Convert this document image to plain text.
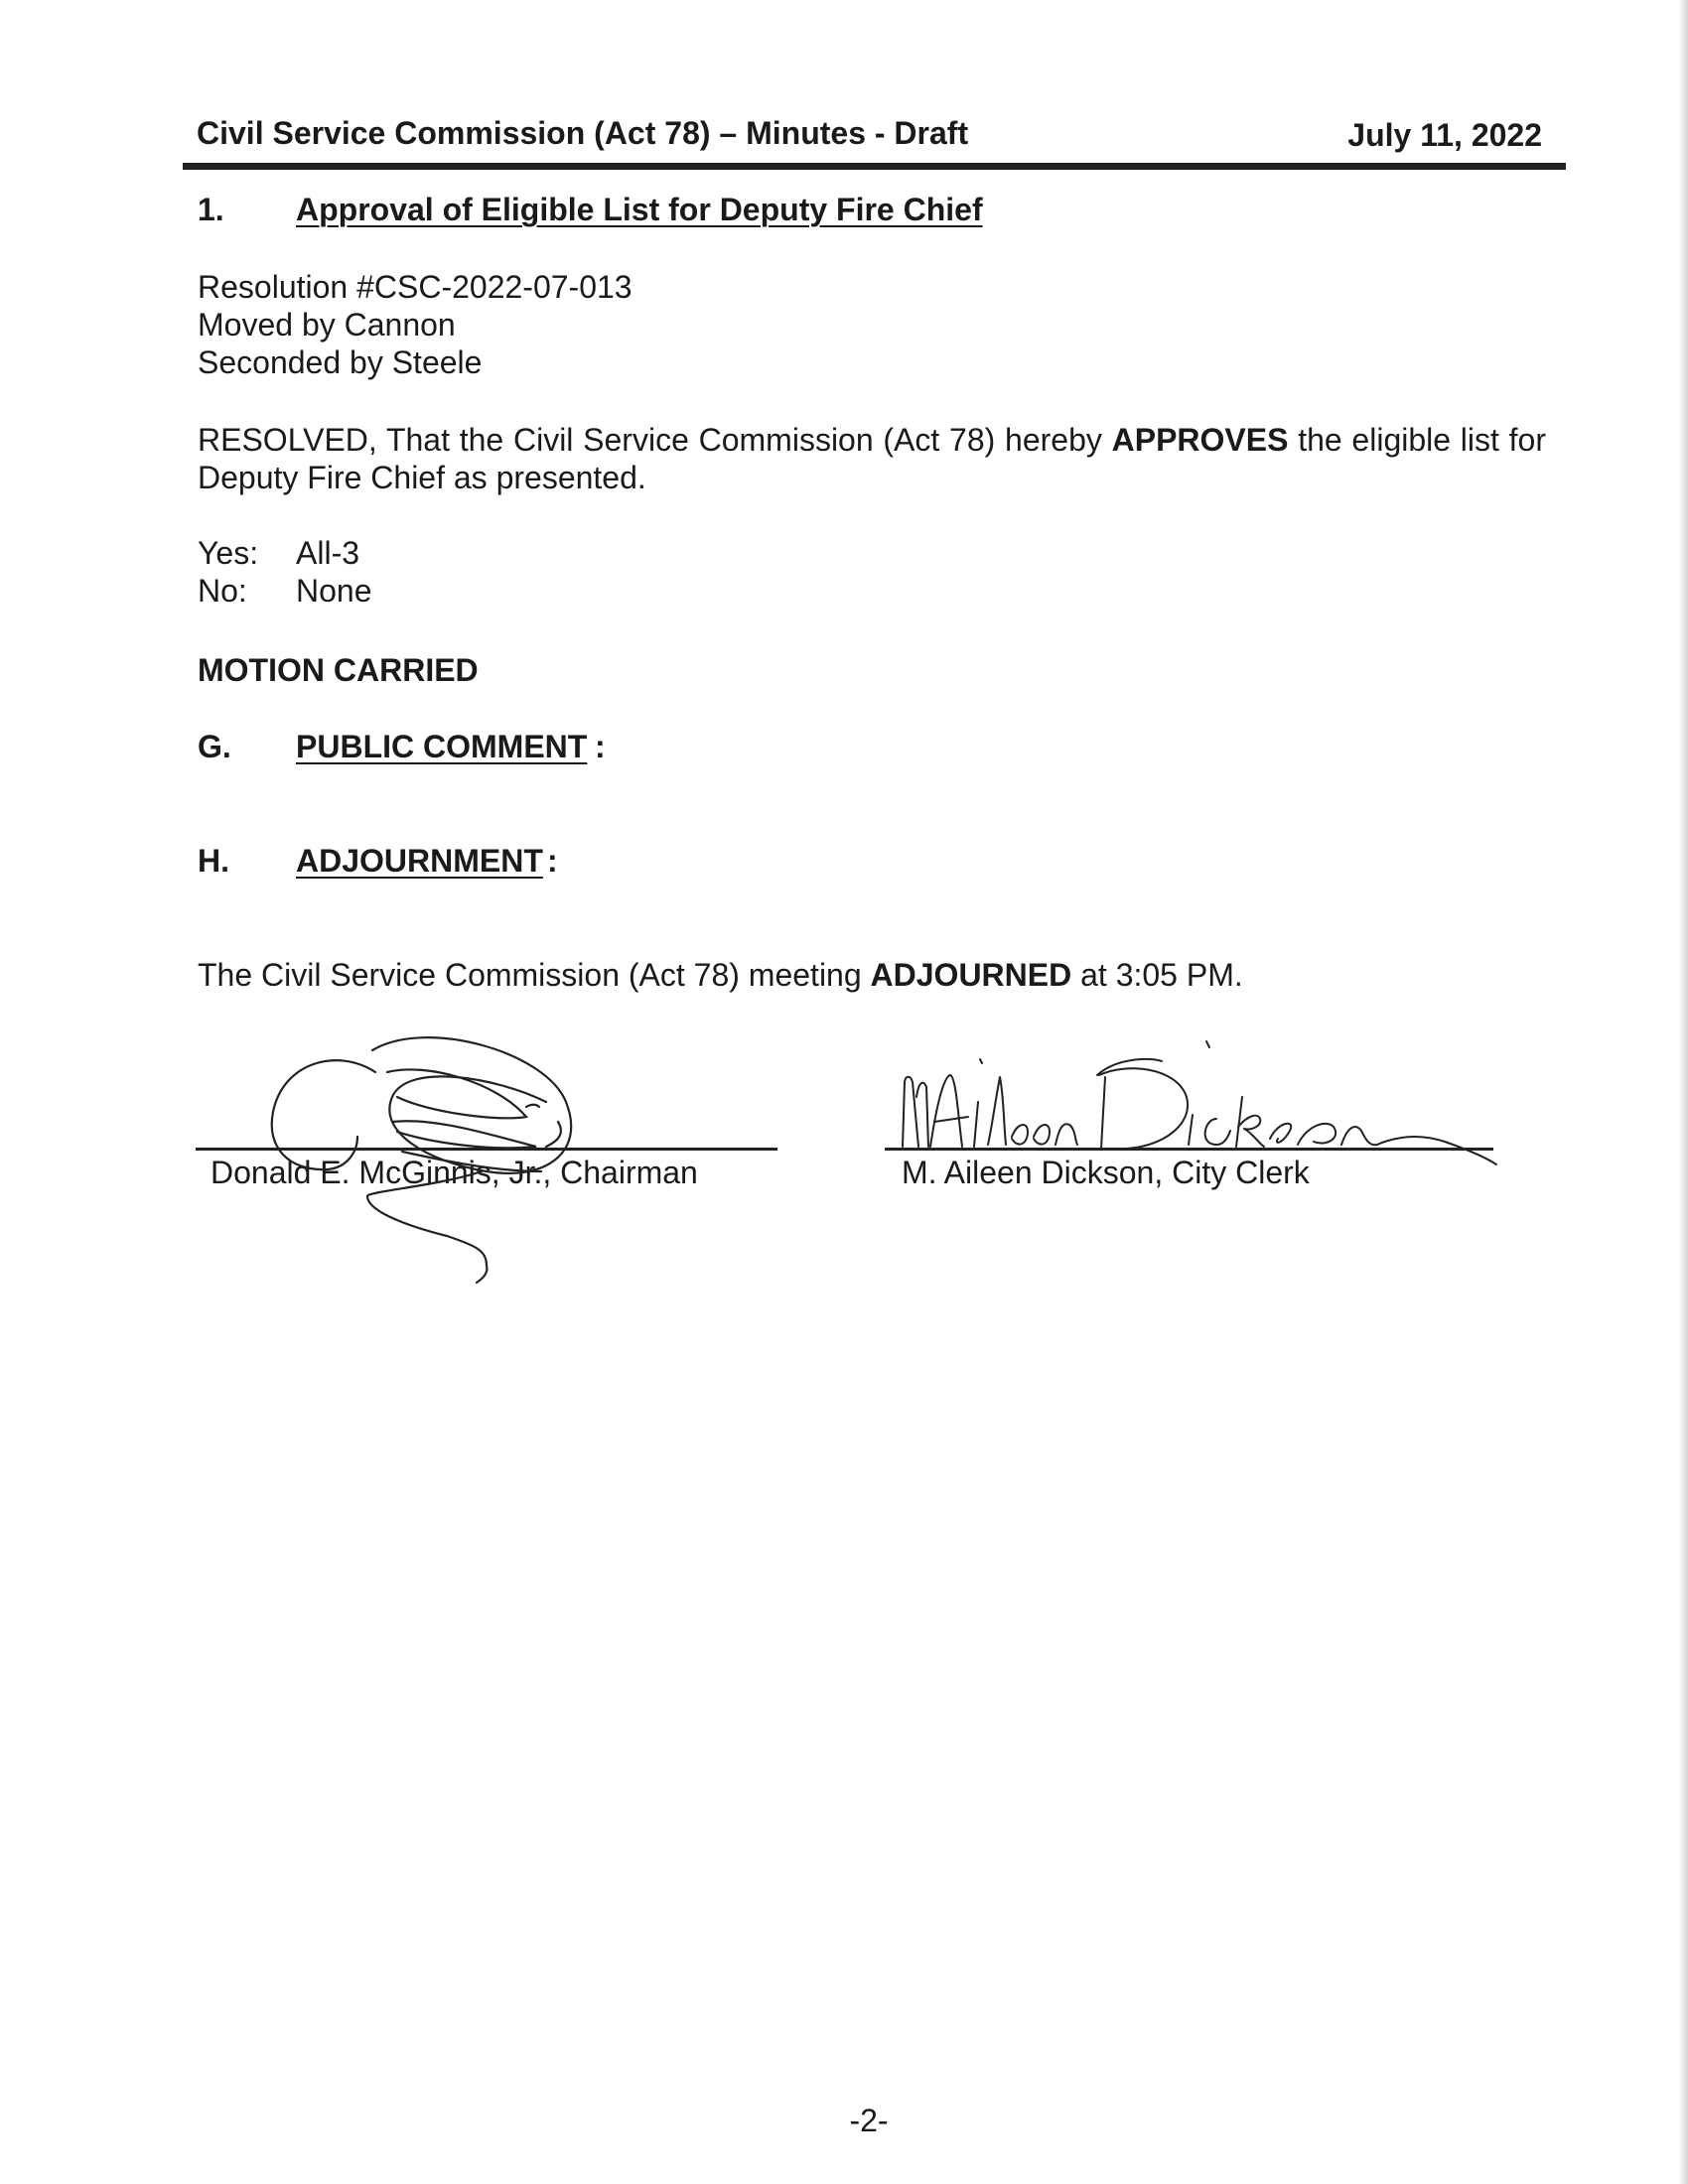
Civil Service Commission (Act 78) – Minutes - Draft	July 11, 2022
1. Approval of Eligible List for Deputy Fire Chief
Resolution #CSC-2022-07-013
Moved by Cannon
Seconded by Steele
RESOLVED, That the Civil Service Commission (Act 78) hereby APPROVES the eligible list for Deputy Fire Chief as presented.
Yes: All-3
No: None
MOTION CARRIED
G. PUBLIC COMMENT :
H. ADJOURNMENT :
The Civil Service Commission (Act 78) meeting ADJOURNED at 3:05 PM.
Donald E. McGinnis, Jr., Chairman	M. Aileen Dickson, City Clerk
-2-
